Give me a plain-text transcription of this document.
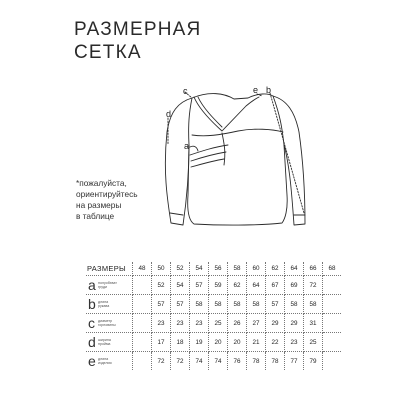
РАЗМЕРНАЯ
СЕТКА
c	e b
d
a
*пожалуйста,
ориентируйтесь
на размеры
в таблице
РАЗМЕРЫ	48	50	52	54	56	58	60	62	64	66	68

a полуобхват
груди		52	54	57	59	62	64	67	69	72	

b длина
рукава		57	57	58	58	58	58	57	58	58	

c диаметр
горловины		23	23	23	25	26	27	29	29	31	

d ширина
пройма		17	18	19	20	20	21	22	23	25	

e длина
изделия		72	72	74	74	76	78	78	77	79	
